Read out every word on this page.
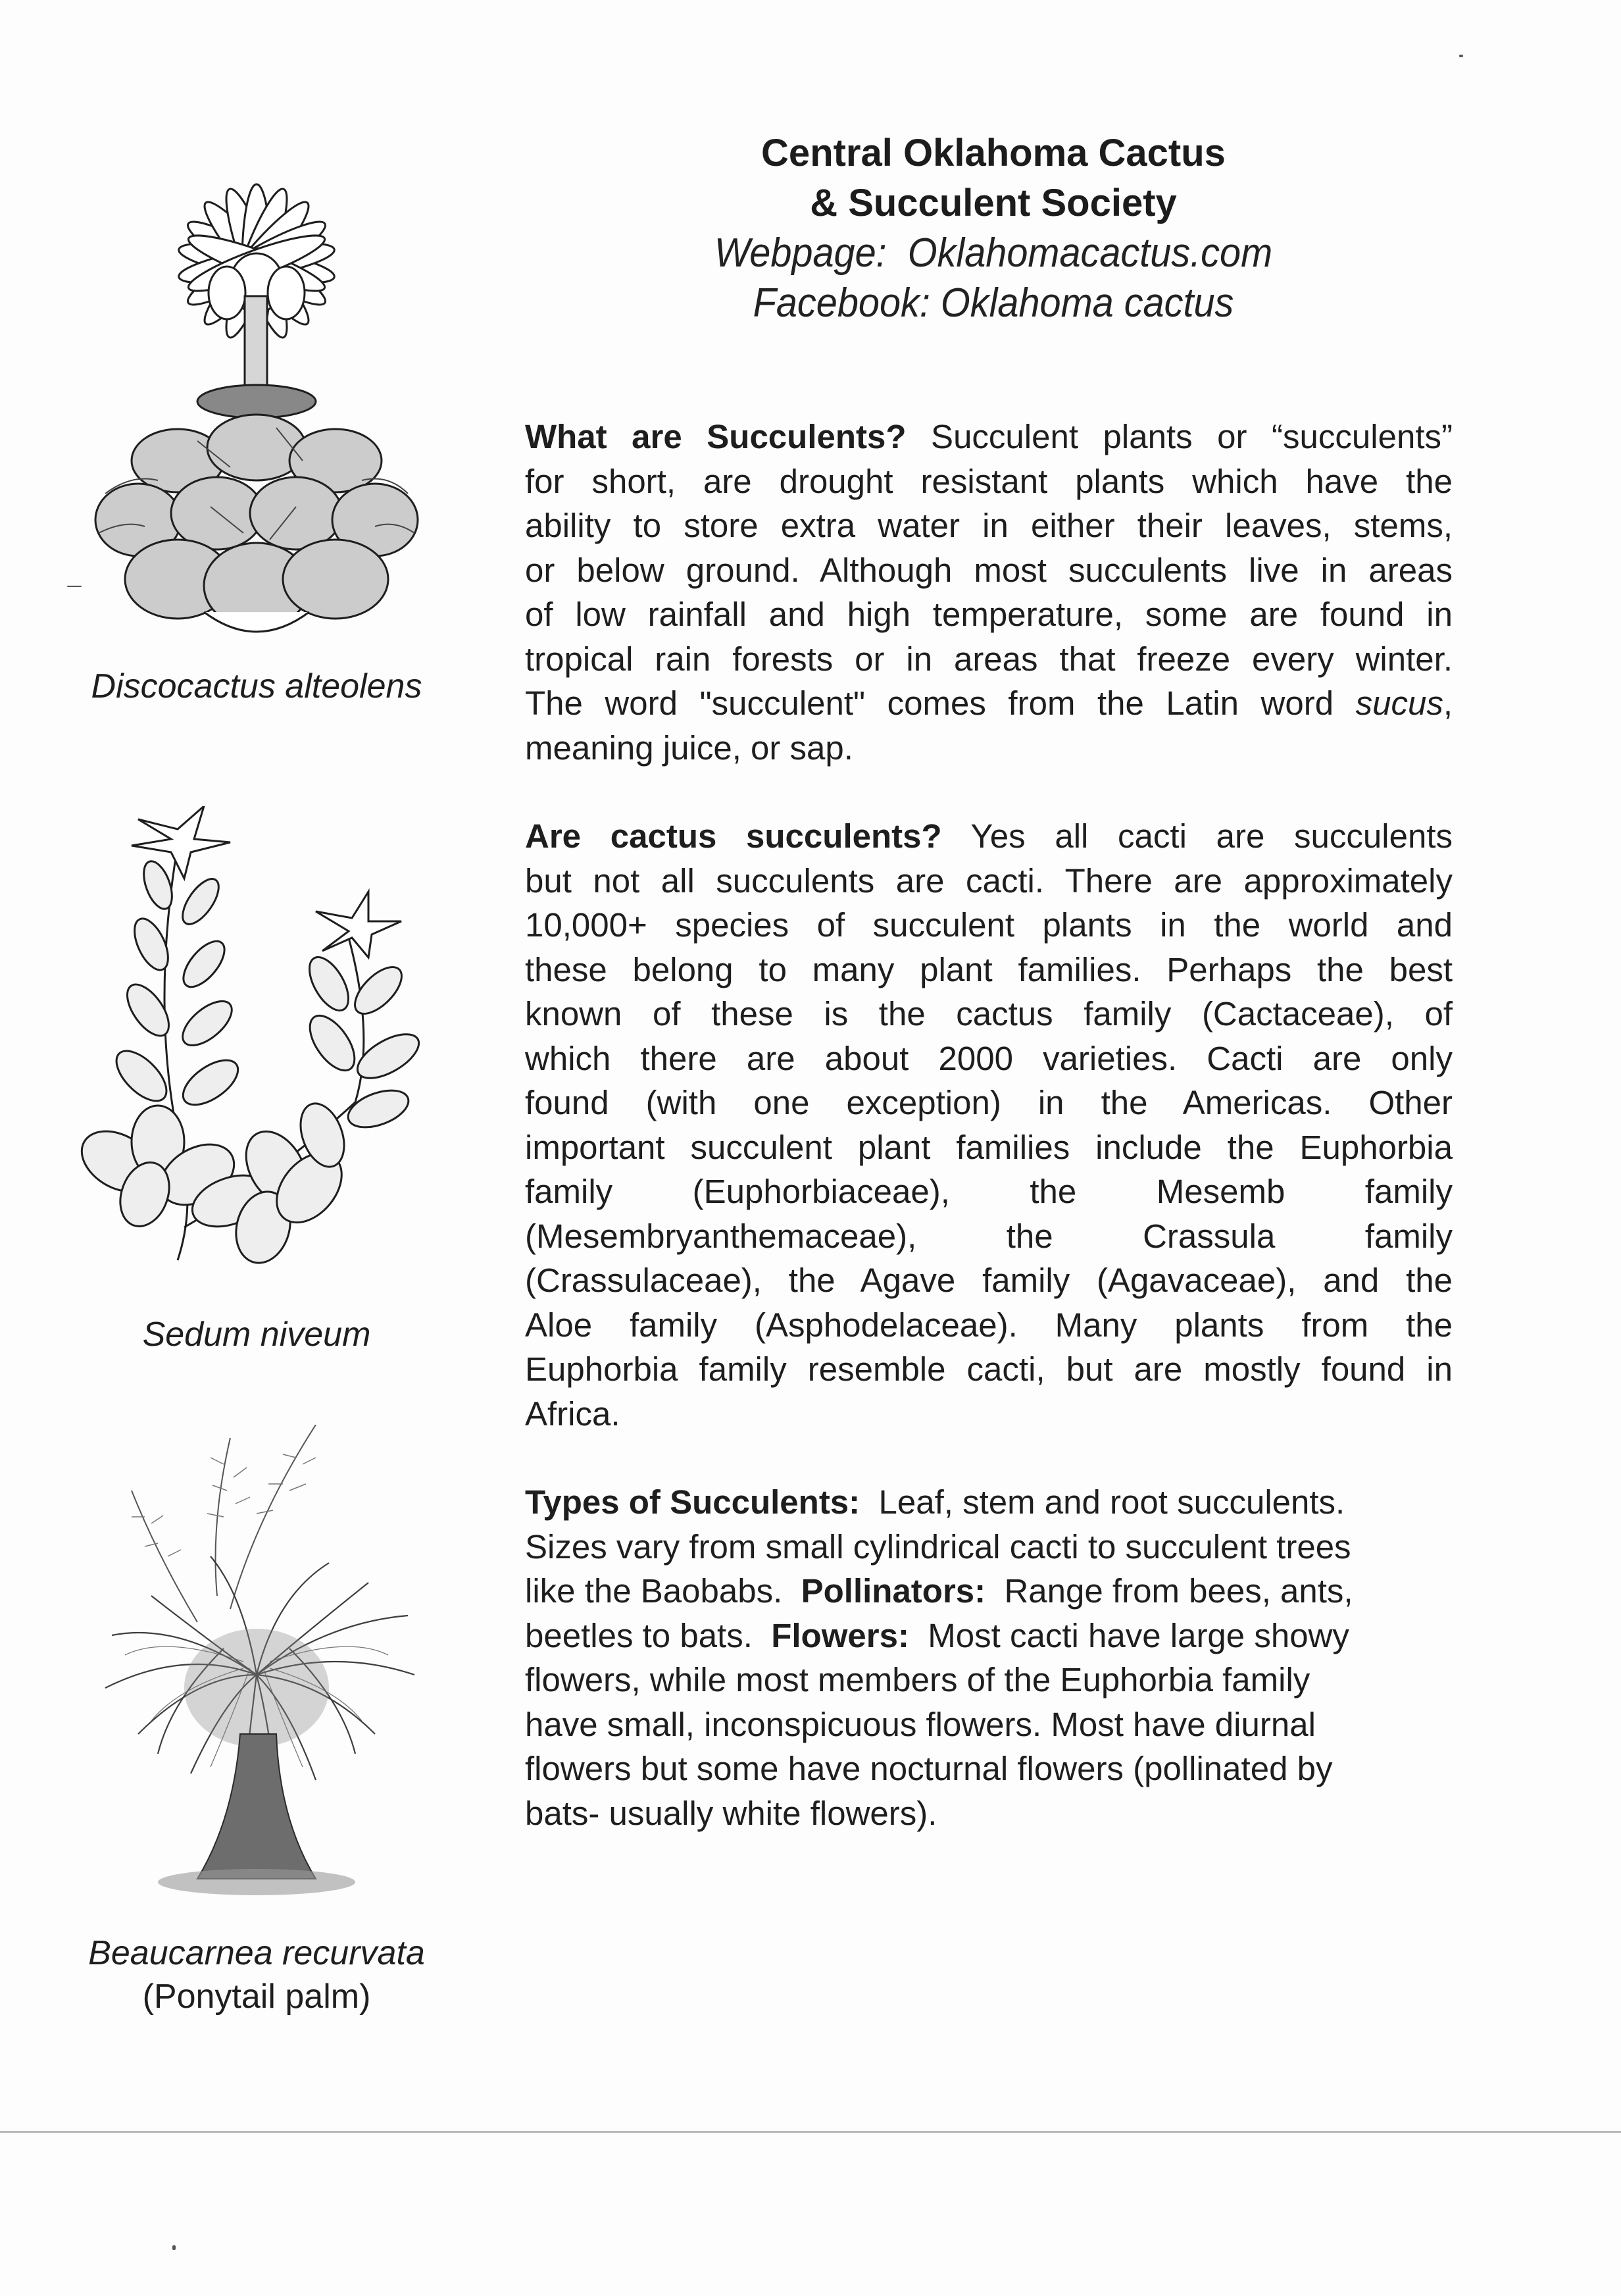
Central Oklahoma Cactus
& Succulent Society
Webpage: Oklahomacactus.com
Facebook: Oklahoma cactus
What are Succulents? Succulent plants or “succulents”
for short, are drought resistant plants which have the
ability to store extra water in either their leaves, stems,
or below ground. Although most succulents live in areas
of low rainfall and high temperature, some are found in
tropical rain forests or in areas that freeze every winter.
The word "succulent" comes from the Latin word sucus,
meaning juice, or sap.
Are cactus succulents? Yes all cacti are succulents
but not all succulents are cacti. There are approximately
10,000+ species of succulent plants in the world and
these belong to many plant families. Perhaps the best
known of these is the cactus family (Cactaceae), of
which there are about 2000 varieties. Cacti are only
found (with one exception) in the Americas. Other
important succulent plant families include the Euphorbia
family (Euphorbiaceae), the Mesemb family
(Mesembryanthemaceae), the Crassula family
(Crassulaceae), the Agave family (Agavaceae), and the
Aloe family (Asphodelaceae). Many plants from the
Euphorbia family resemble cacti, but are mostly found in
Africa.
Types of Succulents:  Leaf, stem and root succulents.
Sizes vary from small cylindrical cacti to succulent trees
like the Baobabs.  Pollinators:  Range from bees, ants,
beetles to bats.  Flowers:  Most cacti have large showy
flowers, while most members of the Euphorbia family
have small, inconspicuous flowers. Most have diurnal
flowers but some have nocturnal flowers (pollinated by
bats- usually white flowers).
Discocactus alteolens
Sedum niveum
Beaucarnea recurvata
(Ponytail palm)
